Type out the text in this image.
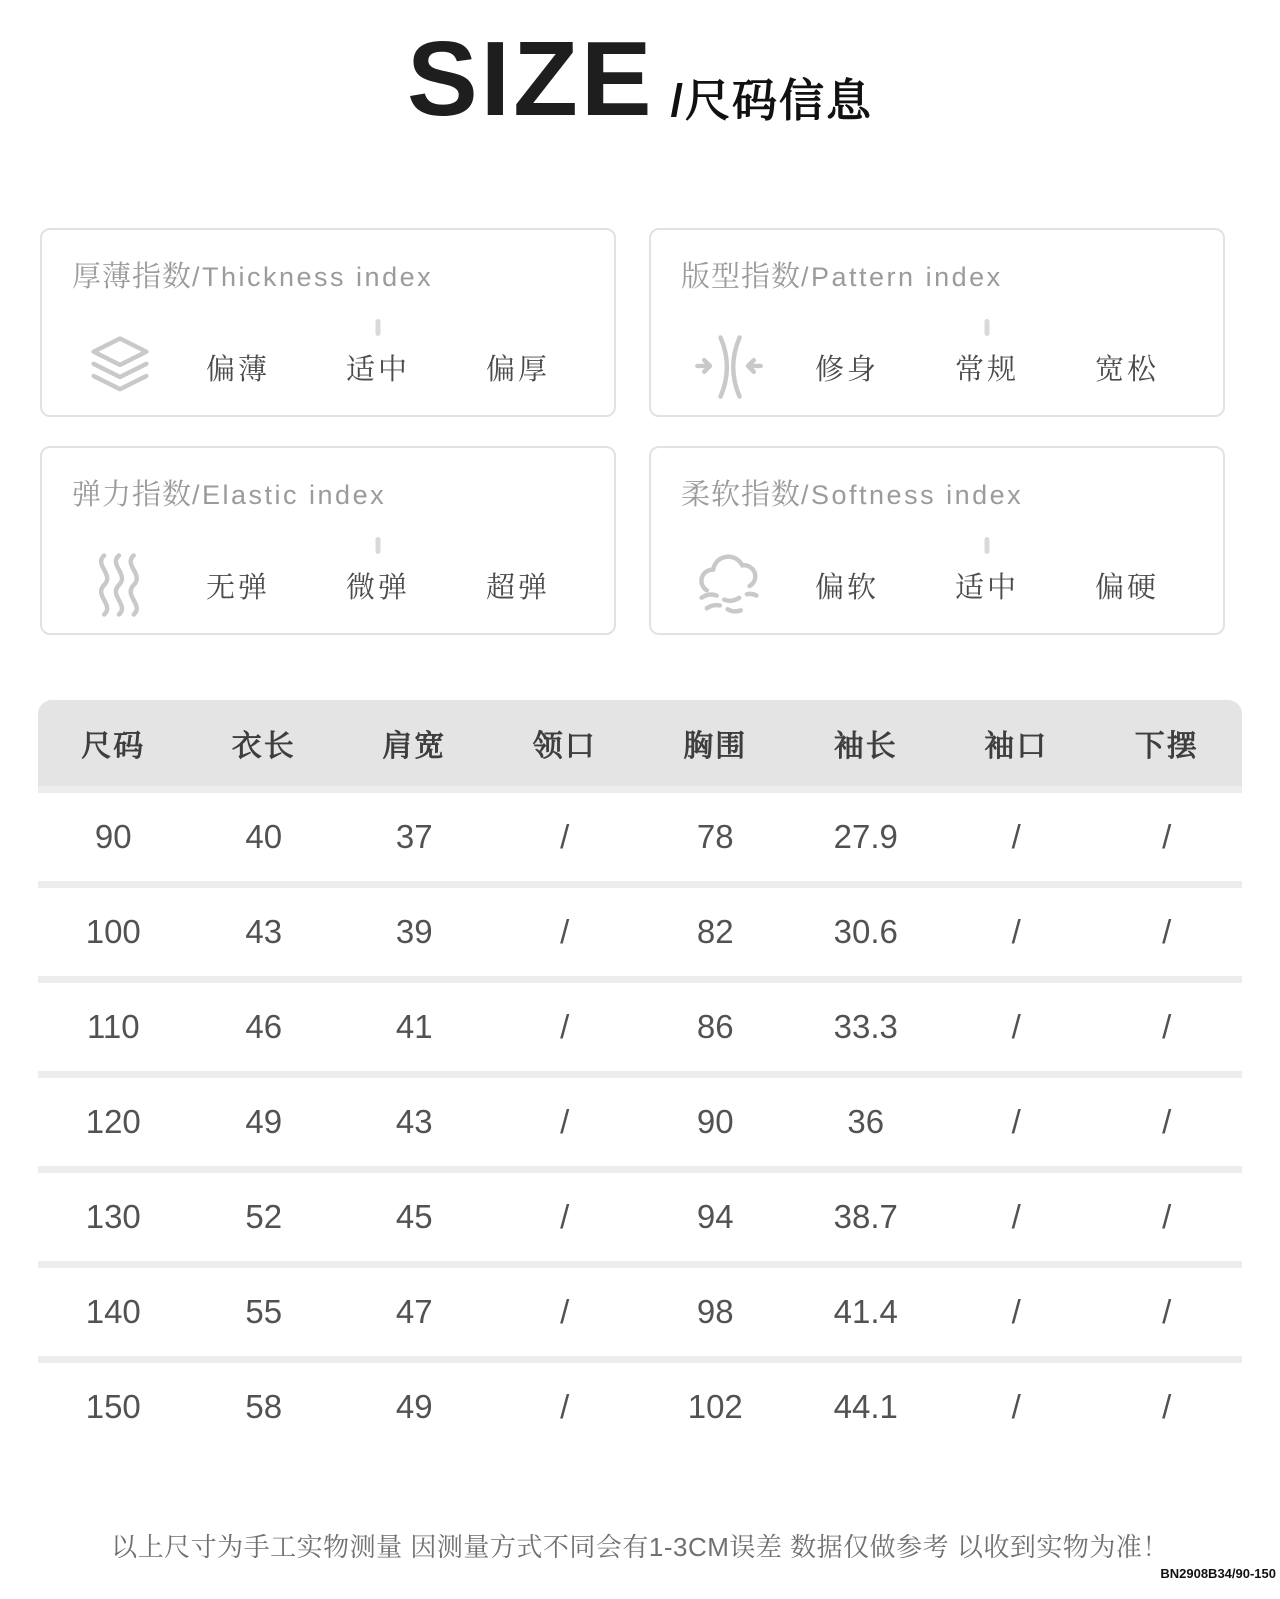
SIZE /尺码信息
厚薄指数/Thickness index
偏薄	适中	偏厚
版型指数/Pattern index
修身	常规	宽松
弹力指数/Elastic index
无弹	微弹	超弹
柔软指数/Softness index
偏软	适中	偏硬
尺码	衣长	肩宽	领口	胸围	袖长	袖口	下摆
90	40	37	/	78	27.9	/	/
100	43	39	/	82	30.6	/	/
110	46	41	/	86	33.3	/	/
120	49	43	/	90	36	/	/
130	52	45	/	94	38.7	/	/
140	55	47	/	98	41.4	/	/
150	58	49	/	102	44.1	/	/
以上尺寸为手工实物测量 因测量方式不同会有1-3CM误差 数据仅做参考 以收到实物为准！
BN2908B34/90-150
